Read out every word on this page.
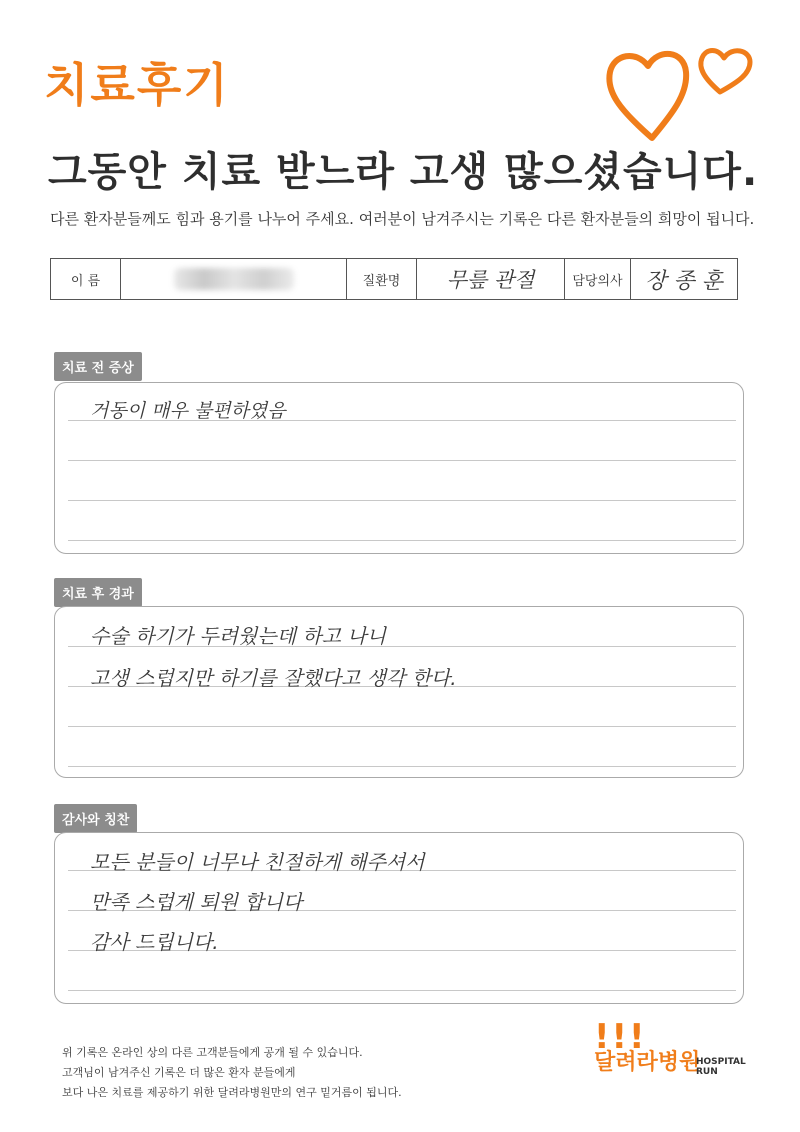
치료후기
그동안 치료 받느라 고생 많으셨습니다.
다른 환자분들께도 힘과 용기를 나누어 주세요. 여러분이 남겨주시는 기록은 다른 환자분들의 희망이 됩니다.
이 름	질환명 무릎 관절	담당의사 장 종 훈
치료 전 증상
거동이 매우 불편하였음
치료 후 경과
수술 하기가 두려웠는데 하고 나니
고생 스럽지만 하기를 잘했다고 생각 한다.
감사와 칭찬
모든 분들이 너무나 친절하게 해주셔서
만족 스럽게 퇴원 합니다
감사 드립니다.
위 기록은 온라인 상의 다른 고객분들에게 공개 될 수 있습니다.
고객님이 남겨주신 기록은 더 많은 환자 분들에게
보다 나은 치료를 제공하기 위한 달려라병원만의 연구 밑거름이 됩니다.
!!!
달려라병원
HOSPITAL
RUN
